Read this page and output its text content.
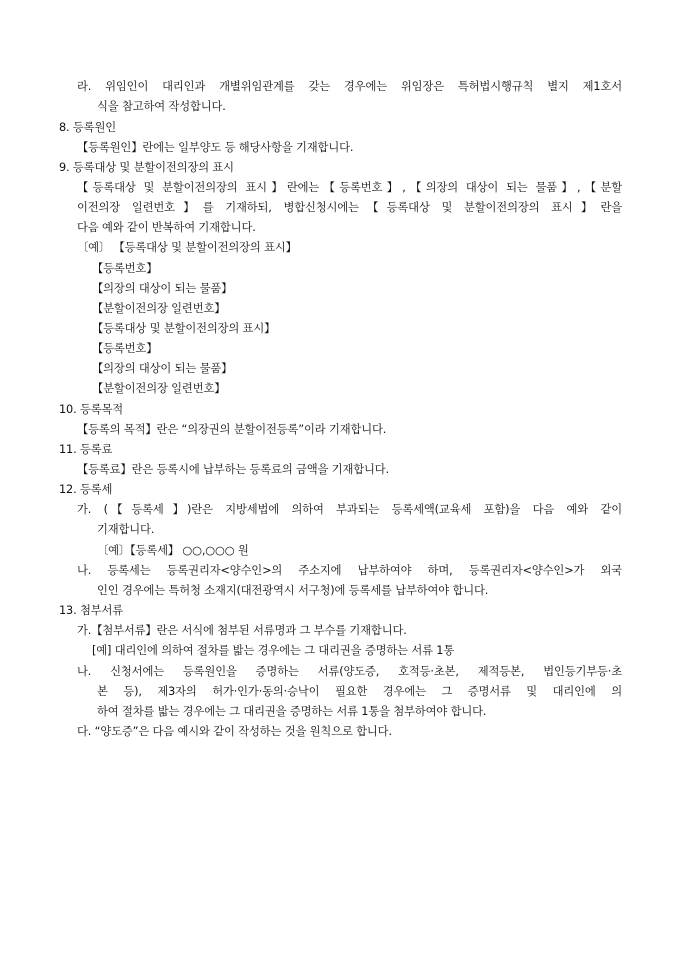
라. 위임인이 대리인과 개별위임관계를 갖는 경우에는 위임장은 특허법시행규칙 별지 제1호서
식을 참고하여 작성합니다.
8. 등록원인
【등록원인】란에는 일부양도 등 해당사항을 기재합니다.
9. 등록대상 및 분할이전의장의 표시
【등록대상 및 분할이전의장의 표시】란에는【등록번호】,【의장의 대상이 되는 물품】,【분할
이전의장 일련번호】를 기재하되, 병합신청시에는【등록대상 및 분할이전의장의 표시】란을
다음 예와 같이 반복하여 기재합니다.
〔예〕 【등록대상 및 분할이전의장의 표시】
【등록번호】
【의장의 대상이 되는 물품】
【분할이전의장 일련번호】
【등록대상 및 분할이전의장의 표시】
【등록번호】
【의장의 대상이 되는 물품】
【분할이전의장 일련번호】
10. 등록목적
【등록의 목적】란은 “의장권의 분할이전등록”이라 기재합니다.
11. 등록료
【등록료】란은 등록시에 납부하는 등록료의 금액을 기재합니다.
12. 등록세
가. (【등록세】)란은 지방세법에 의하여 부과되는 등록세액(교육세 포함)을 다음 예와 같이
기재합니다.
〔예〕【등록세】 ○○,○○○ 원
나. 등록세는 등록권리자<양수인>의 주소지에 납부하여야 하며, 등록권리자<양수인>가 외국
인인 경우에는 특허청 소재지(대전광역시 서구청)에 등록세를 납부하여야 합니다.
13. 첨부서류
가.【첨부서류】란은 서식에 첨부된 서류명과 그 부수를 기재합니다.
[예] 대리인에 의하여 절차를 밟는 경우에는 그 대리권을 증명하는 서류 1통
나. 신청서에는 등록원인을 증명하는 서류(양도증, 호적등·초본, 제적등본, 법인등기부등·초
본 등), 제3자의 허가·인가·동의·승낙이 필요한 경우에는 그 증명서류 및 대리인에 의
하여 절차를 밟는 경우에는 그 대리권을 증명하는 서류 1통을 첨부하여야 합니다.
다. “양도증”은 다음 예시와 같이 작성하는 것을 원칙으로 합니다.
